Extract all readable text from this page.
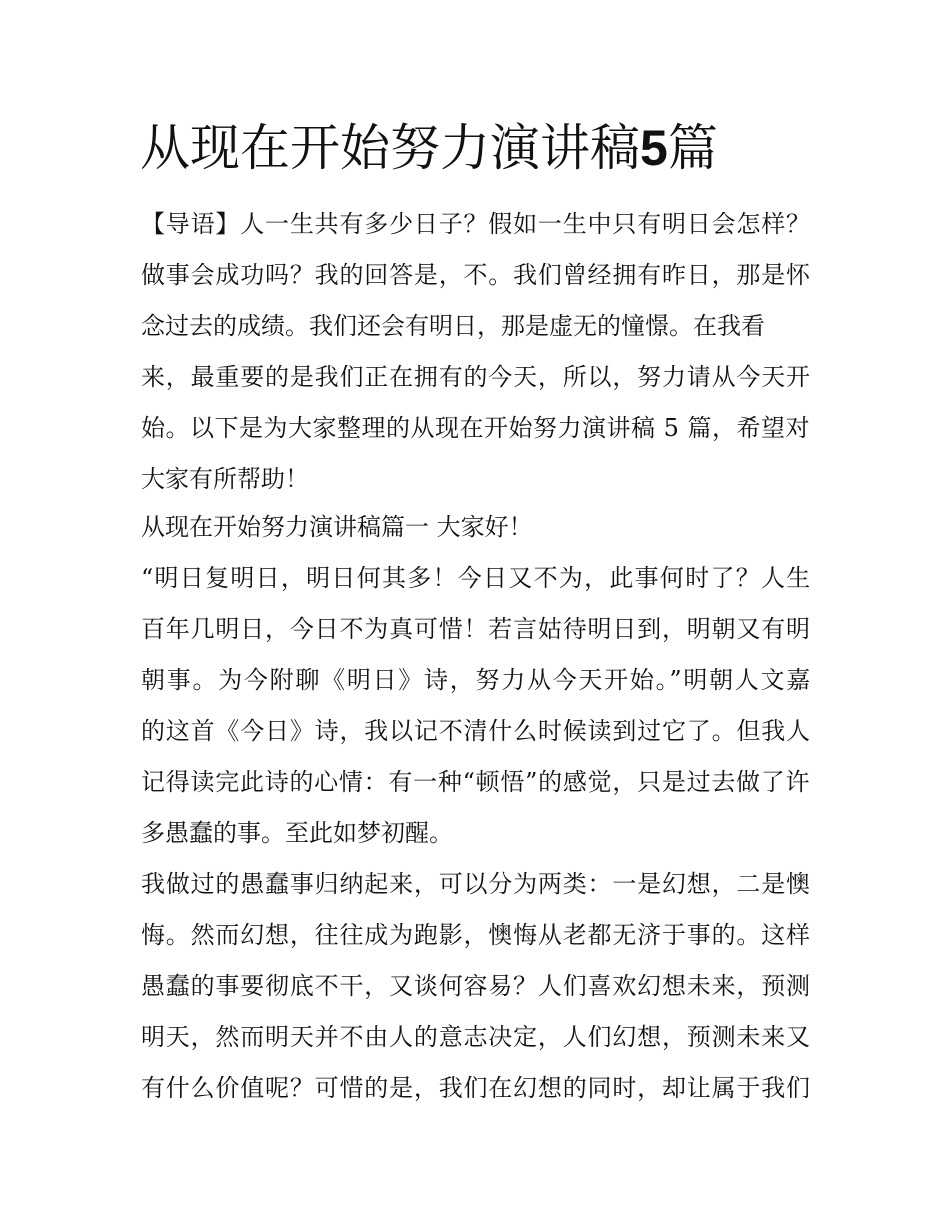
从现在开始努力演讲稿5篇
【导语】人一生共有多少日子？假如一生中只有明日会怎样？
做事会成功吗？我的回答是，不。我们曾经拥有昨日，那是怀
念过去的成绩。我们还会有明日，那是虚无的憧憬。在我看
来，最重要的是我们正在拥有的今天，所以，努力请从今天开
始。以下是为大家整理的从现在开始努力演讲稿 5 篇，希望对
大家有所帮助！
从现在开始努力演讲稿篇一 大家好！
“明日复明日，明日何其多！今日又不为，此事何时了？人生
百年几明日，今日不为真可惜！若言姑待明日到，明朝又有明
朝事。为今附聊《明日》诗，努力从今天开始。”明朝人文嘉
的这首《今日》诗，我以记不清什么时候读到过它了。但我人
记得读完此诗的心情：有一种“顿悟”的感觉，只是过去做了许
多愚蠢的事。至此如梦初醒。
我做过的愚蠢事归纳起来，可以分为两类：一是幻想，二是懊
悔。然而幻想，往往成为跑影，懊悔从老都无济于事的。这样
愚蠢的事要彻底不干，又谈何容易？人们喜欢幻想未来，预测
明天，然而明天并不由人的意志决定，人们幻想，预测未来又
有什么价值呢？可惜的是，我们在幻想的同时，却让属于我们
